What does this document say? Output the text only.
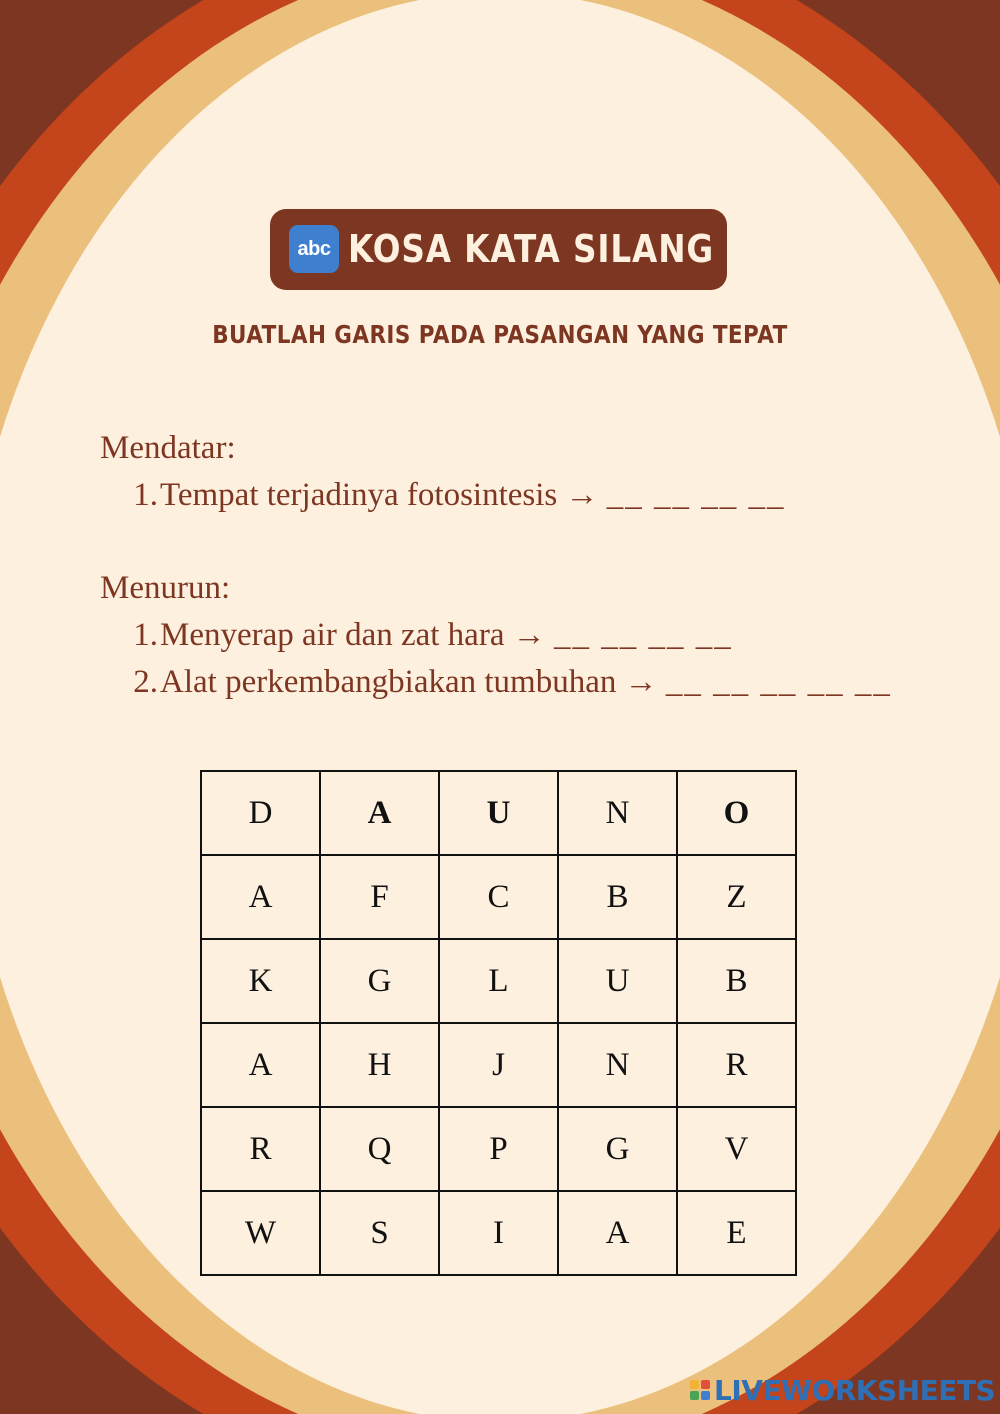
abc KOSA KATA SILANG
BUATLAH GARIS PADA PASANGAN YANG TEPAT

Mendatar:

1. Tempat terjadinya fotosintesis
→
__ __ __ __

Menurun:

1. Menyerap air dan zat hara
→
__ __ __ __

2. Alat perkembangbiakan tumbuhan
→
__ __ __ __ __

D	A	U	N	O
A	F	C	B	Z
K	G	L	U	B
A	H	J	N	R
R	Q	P	G	V
W	S	I	A	E
LIVEWORKSHEETS
